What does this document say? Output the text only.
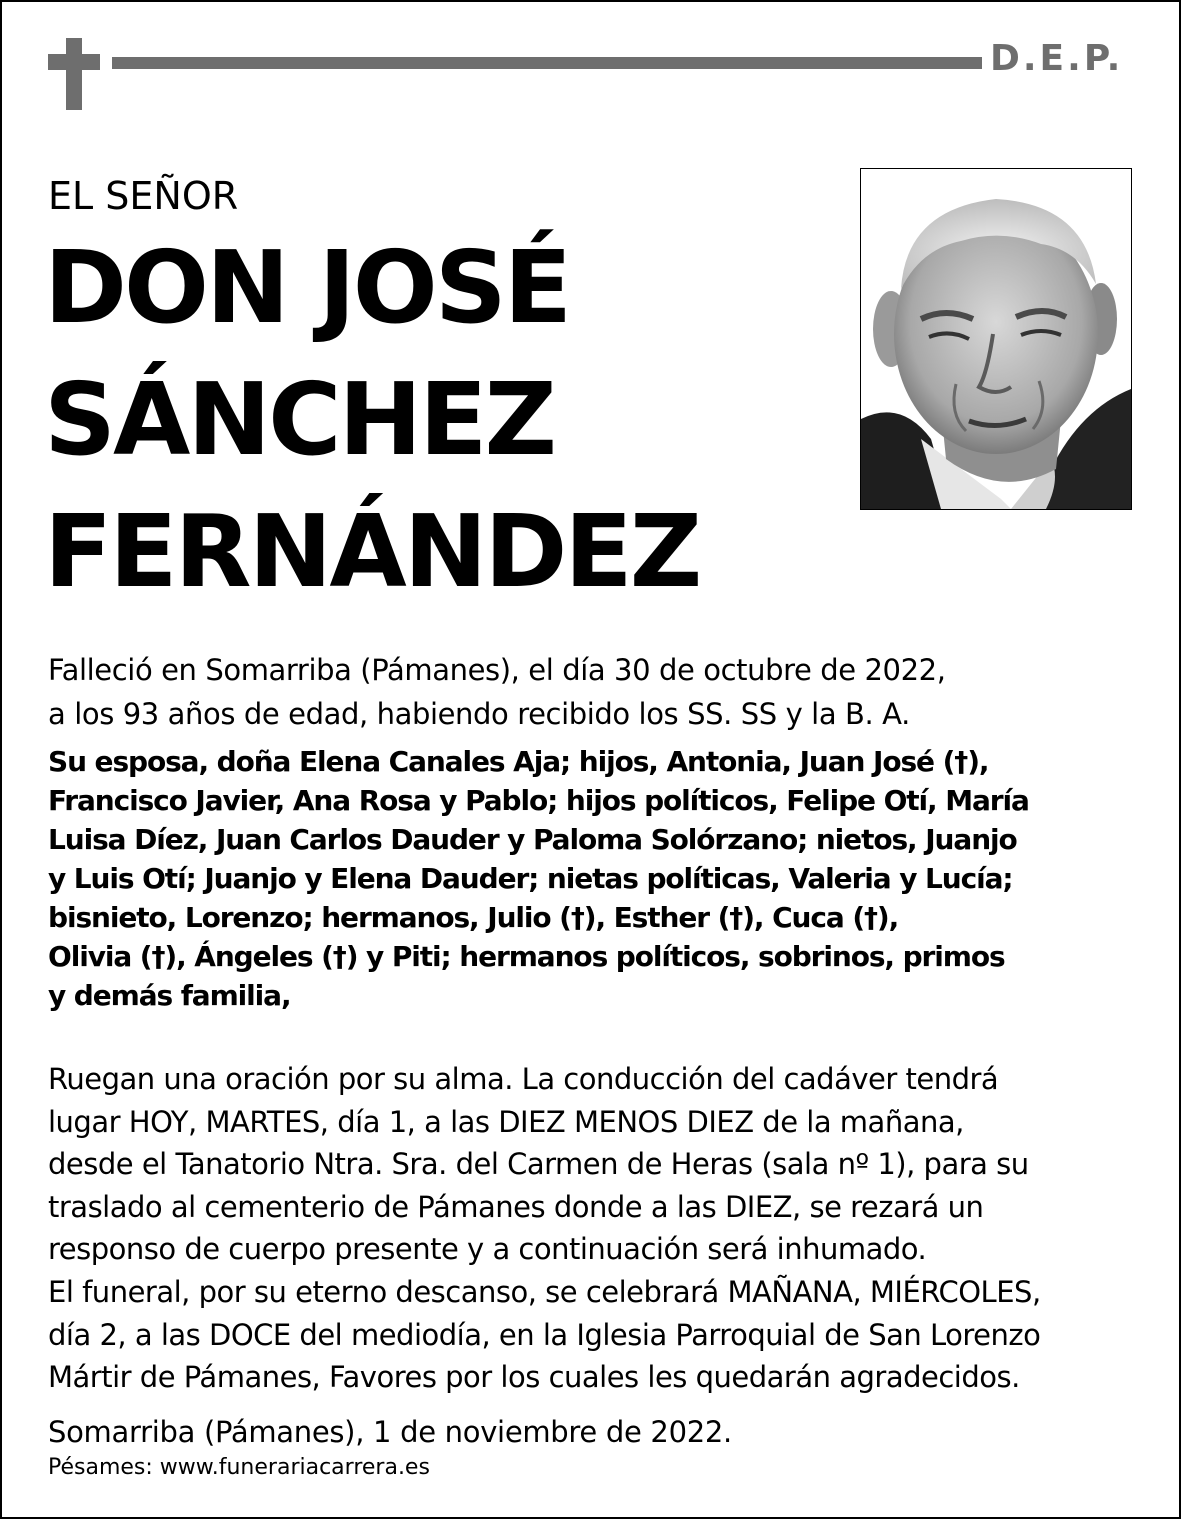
D.E.P.
EL SEÑOR
DON JOSÉ
SÁNCHEZ
FERNÁNDEZ
Falleció en Somarriba (Pámanes), el día 30 de octubre de 2022,
a los 93 años de edad, habiendo recibido los SS. SS y la B. A.
Su esposa, doña Elena Canales Aja; hijos, Antonia, Juan José (†),
Francisco Javier, Ana Rosa y Pablo; hijos políticos, Felipe Otí, María
Luisa Díez, Juan Carlos Dauder y Paloma Solórzano; nietos, Juanjo
y Luis Otí; Juanjo y Elena Dauder; nietas políticas, Valeria y Lucía;
bisnieto, Lorenzo; hermanos, Julio (†), Esther (†), Cuca (†),
Olivia (†), Ángeles (†) y Piti; hermanos políticos, sobrinos, primos
y demás familia,
Ruegan una oración por su alma. La conducción del cadáver tendrá
lugar HOY, MARTES, día 1, a las DIEZ MENOS DIEZ de la mañana,
desde el Tanatorio Ntra. Sra. del Carmen de Heras (sala nº 1), para su
traslado al cementerio de Pámanes donde a las DIEZ, se rezará un
responso de cuerpo presente y a continuación será inhumado.
El funeral, por su eterno descanso, se celebrará MAÑANA, MIÉRCOLES,
día 2, a las DOCE del mediodía, en la Iglesia Parroquial de San Lorenzo
Mártir de Pámanes, Favores por los cuales les quedarán agradecidos.
Somarriba (Pámanes), 1 de noviembre de 2022.
Pésames: www.funerariacarrera.es
